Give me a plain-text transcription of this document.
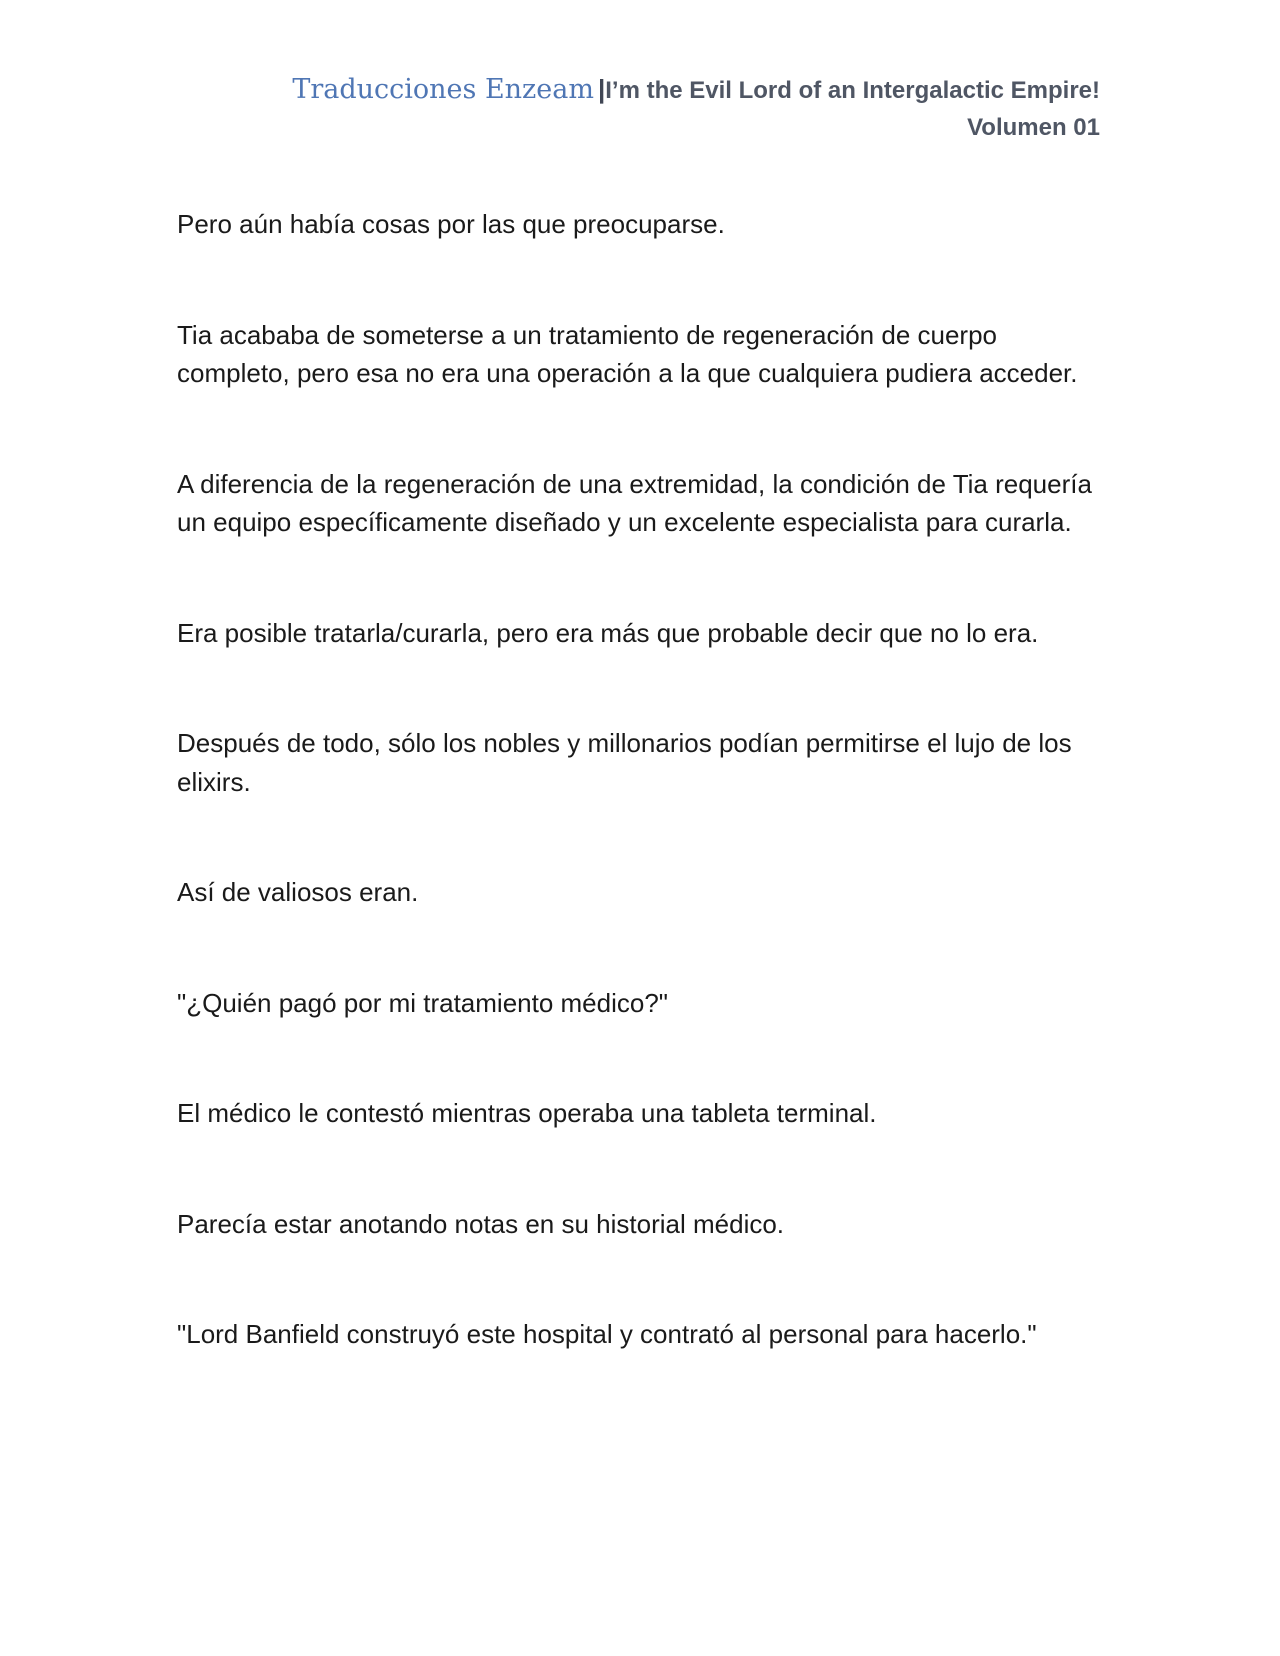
Traducciones Enzeam |I’m the Evil Lord of an Intergalactic Empire!
Volumen 01

Pero aún había cosas por las que preocuparse.

Tia acababa de someterse a un tratamiento de regeneración de cuerpo completo, pero esa no era una operación a la que cualquiera pudiera acceder.

A diferencia de la regeneración de una extremidad, la condición de Tia requería un equipo específicamente diseñado y un excelente especialista para curarla.

Era posible tratarla/curarla, pero era más que probable decir que no lo era.

Después de todo, sólo los nobles y millonarios podían permitirse el lujo de los elixirs.

Así de valiosos eran.

"¿Quién pagó por mi tratamiento médico?"

El médico le contestó mientras operaba una tableta terminal.

Parecía estar anotando notas en su historial médico.

"Lord Banfield construyó este hospital y contrató al personal para hacerlo."
